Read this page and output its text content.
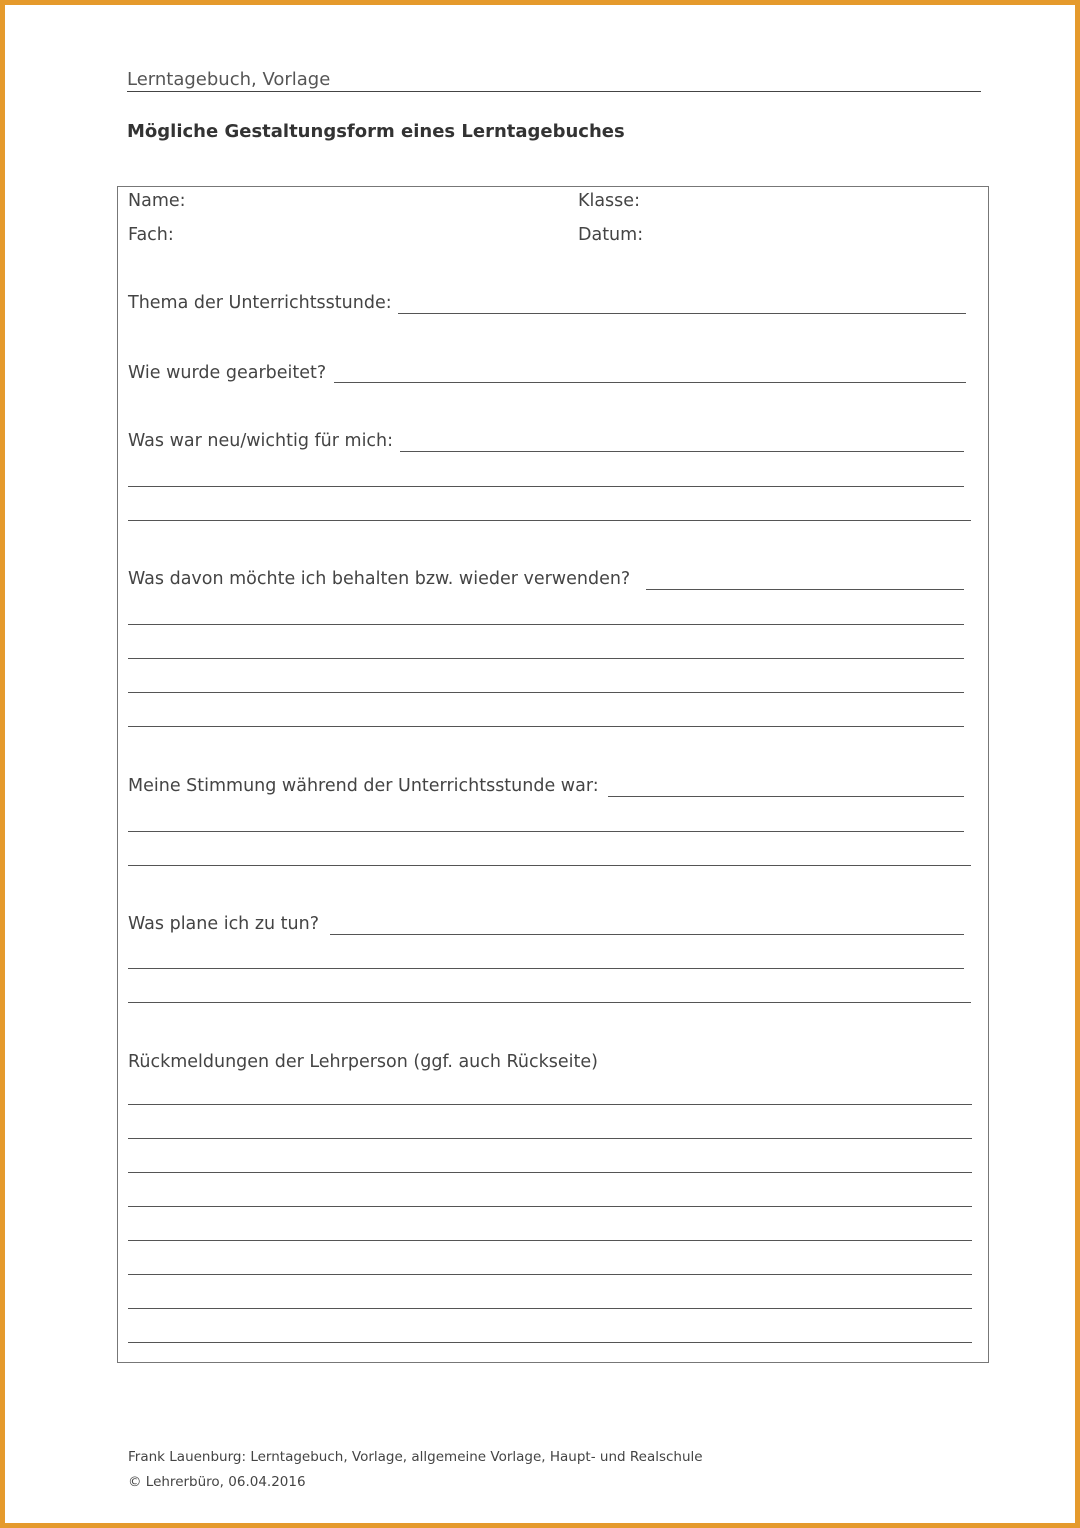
Lerntagebuch, Vorlage
Mögliche Gestaltungsform eines Lerntagebuches
Name:	Klasse:
Fach:	Datum:
Thema der Unterrichtsstunde:
Wie wurde gearbeitet?
Was war neu/wichtig für mich:
Was davon möchte ich behalten bzw. wieder verwenden?
Meine Stimmung während der Unterrichtsstunde war:
Was plane ich zu tun?
Rückmeldungen der Lehrperson (ggf. auch Rückseite)
Frank Lauenburg: Lerntagebuch, Vorlage, allgemeine Vorlage, Haupt- und Realschule
© Lehrerbüro, 06.04.2016
